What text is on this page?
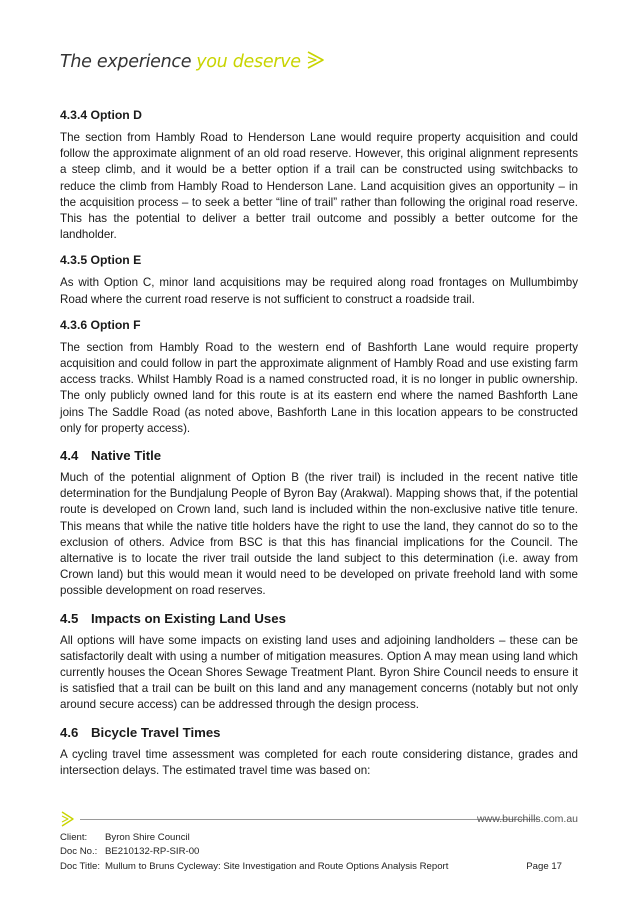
The experience you deserve
4.3.4 Option D

The section from Hambly Road to Henderson Lane would require property acquisition and could follow the approximate alignment of an old road reserve. However, this original alignment represents a steep climb, and it would be a better option if a trail can be constructed using switchbacks to reduce the climb from Hambly Road to Henderson Lane. Land acquisition gives an opportunity – in the acquisition process – to seek a better “line of trail” rather than following the original road reserve. This has the potential to deliver a better trail outcome and possibly a better outcome for the landholder.

4.3.5 Option E

As with Option C, minor land acquisitions may be required along road frontages on Mullumbimby Road where the current road reserve is not sufficient to construct a roadside trail.

4.3.6 Option F

The section from Hambly Road to the western end of Bashforth Lane would require property acquisition and could follow in part the approximate alignment of Hambly Road and use existing farm access tracks. Whilst Hambly Road is a named constructed road, it is no longer in public ownership. The only publicly owned land for this route is at its eastern end where the named Bashforth Lane joins The Saddle Road (as noted above, Bashforth Lane in this location appears to be constructed only for property access).

4.4 Native Title

Much of the potential alignment of Option B (the river trail) is included in the recent native title determination for the Bundjalung People of Byron Bay (Arakwal). Mapping shows that, if the potential route is developed on Crown land, such land is included within the non-exclusive native title tenure. This means that while the native title holders have the right to use the land, they cannot do so to the exclusion of others. Advice from BSC is that this has financial implications for the Council. The alternative is to locate the river trail outside the land subject to this determination (i.e. away from Crown land) but this would mean it would need to be developed on private freehold land with some possible development on road reserves.

4.5 Impacts on Existing Land Uses

All options will have some impacts on existing land uses and adjoining landholders – these can be satisfactorily dealt with using a number of mitigation measures. Option A may mean using land which currently houses the Ocean Shores Sewage Treatment Plant. Byron Shire Council needs to ensure it is satisfied that a trail can be built on this land and any management concerns (notably but not only around secure access) can be addressed through the design process.

4.6 Bicycle Travel Times

A cycling travel time assessment was completed for each route considering distance, grades and intersection delays. The estimated travel time was based on:

www.burchills.com.au
Client: Byron Shire Council
Doc No.: BE210132-RP-SIR-00
Doc Title: Mullum to Bruns Cycleway: Site Investigation and Route Options Analysis Report	Page 17
